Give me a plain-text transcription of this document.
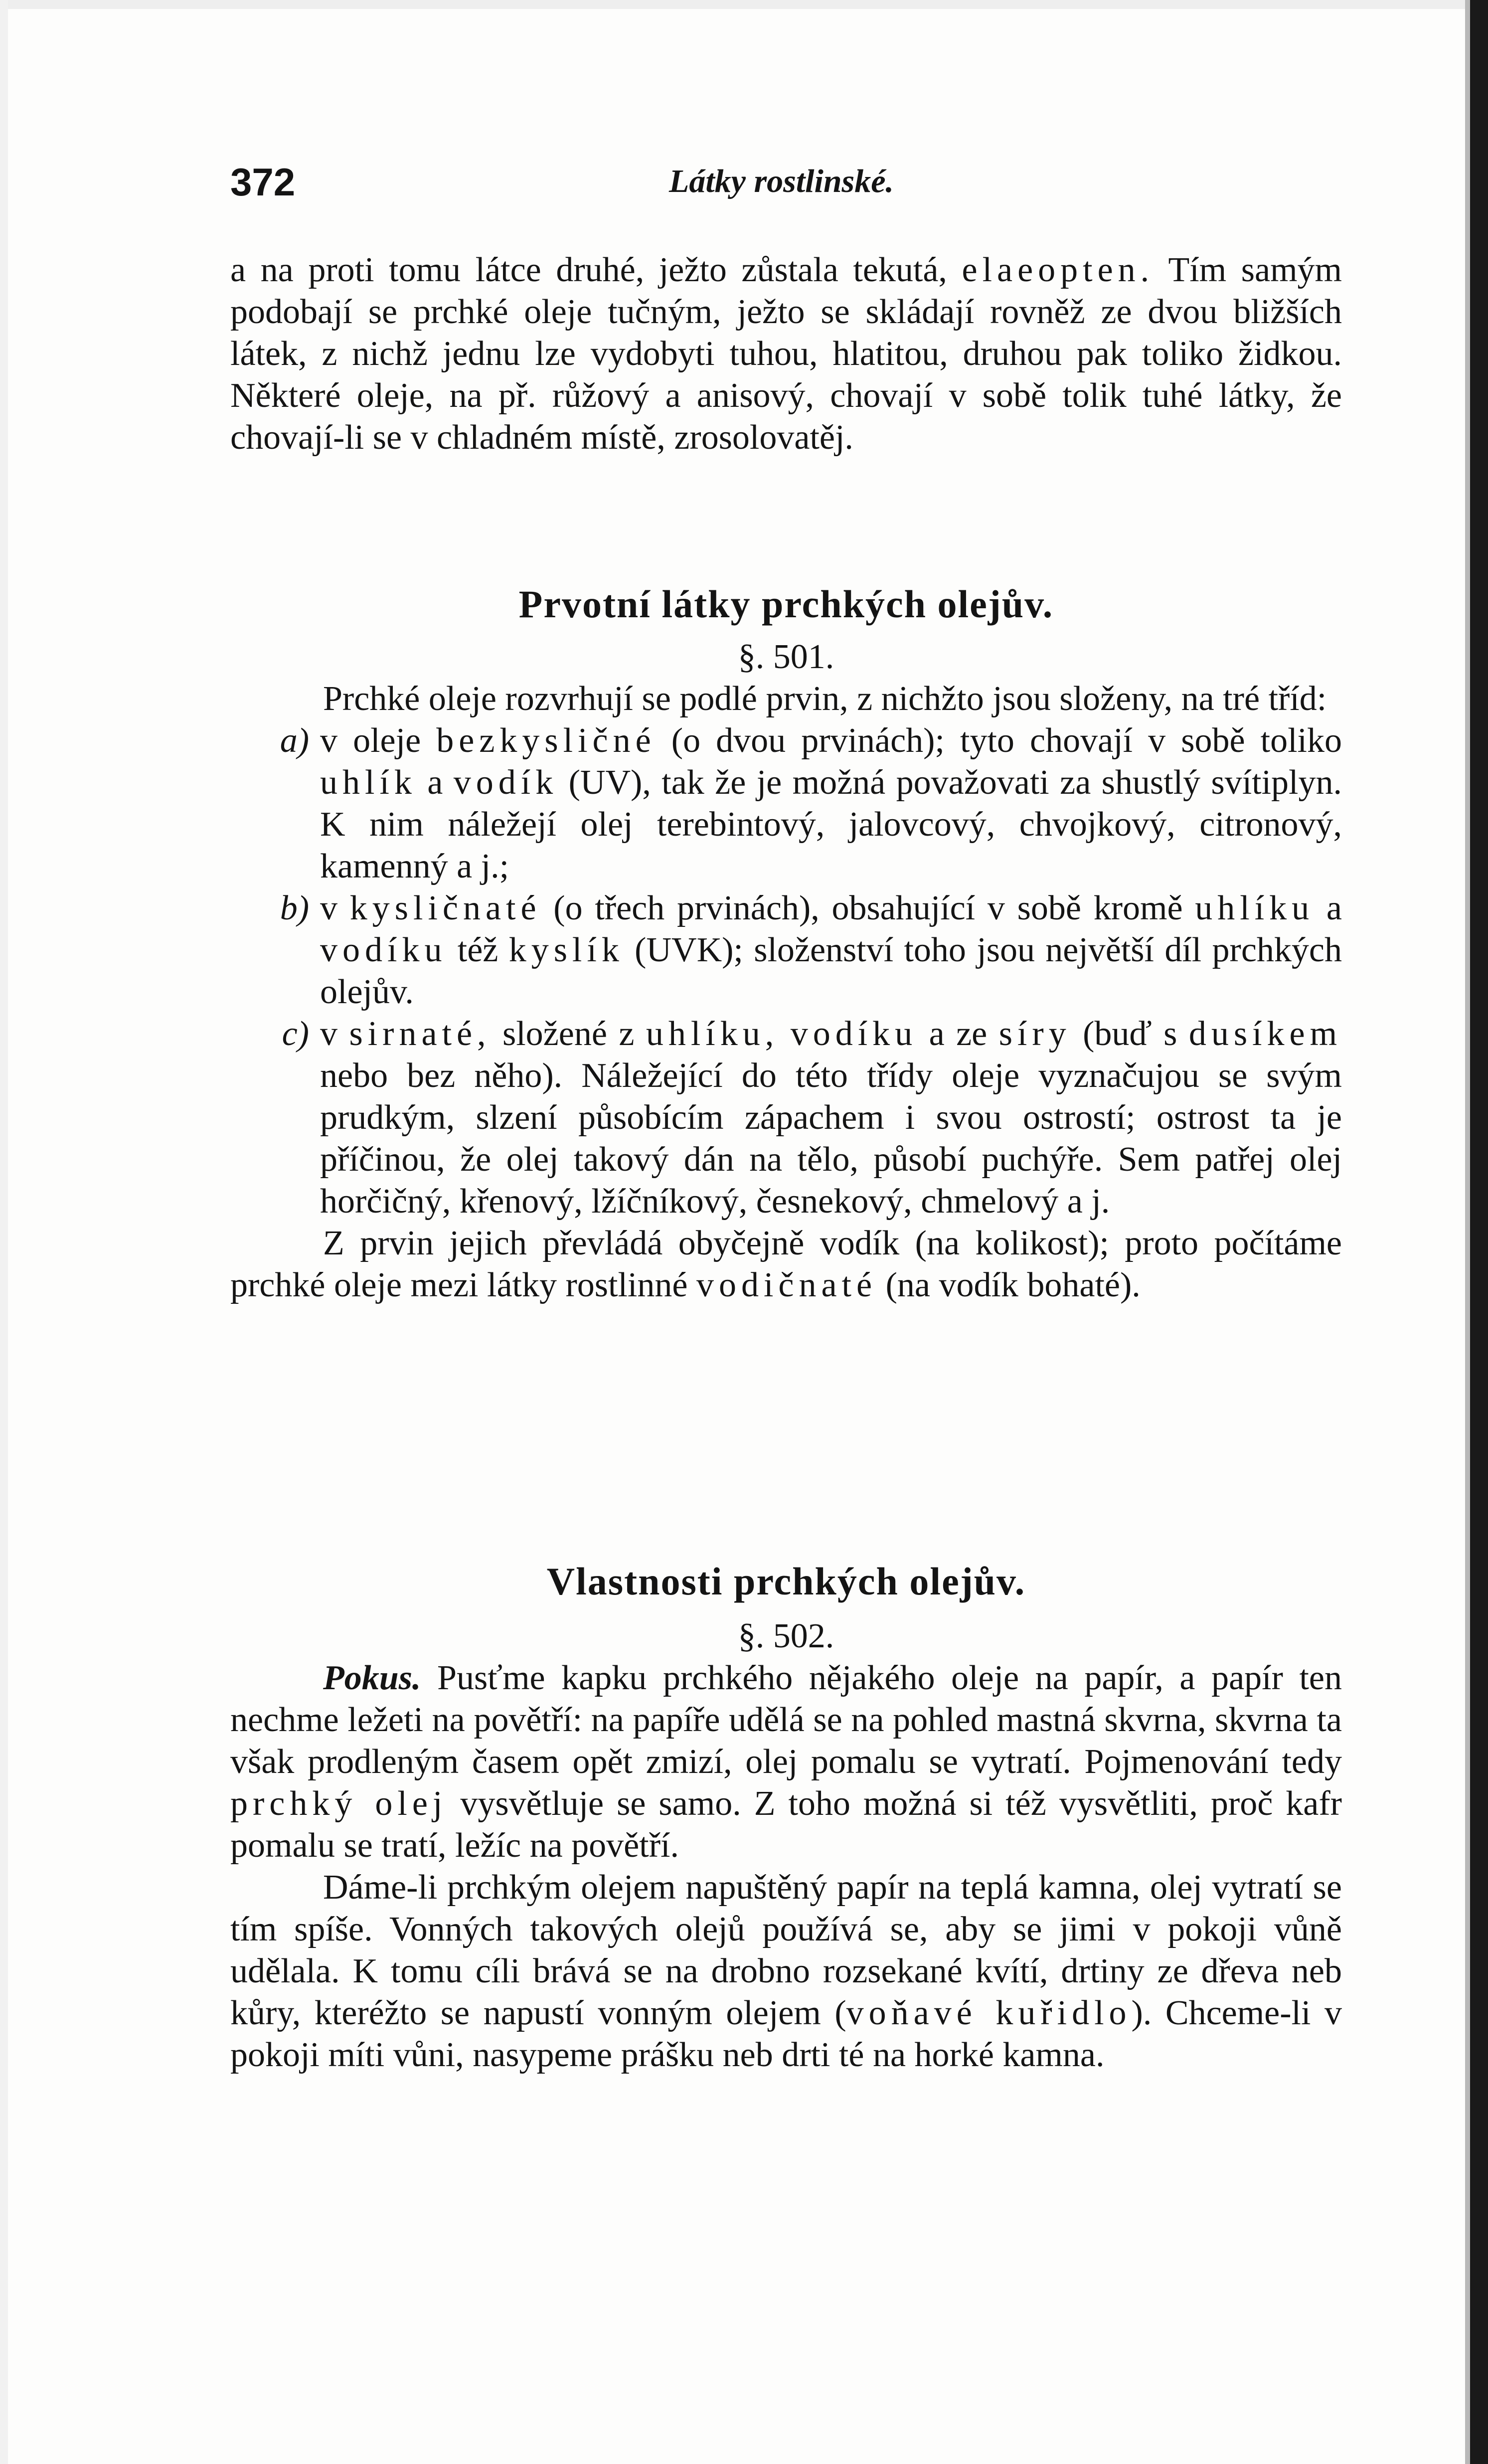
372	Látky rostlinské.

a na proti tomu látce druhé, ježto zůstala tekutá, elaeopten. Tím samým podobají se prchké oleje tučným, ježto se skládají rovněž ze dvou bližších látek, z nichž jednu lze vydobyti tuhou, hlatitou, druhou pak toliko židkou. Některé oleje, na př. růžový a anisový, chovají v sobě tolik tuhé látky, že chovají-li se v chladném místě, zrosolovatěj.

Prvotní látky prchkých olejův.

§. 501.

Prchké oleje rozvrhují se podlé prvin, z nichžto jsou složeny, na tré tříd:

a) v oleje bezkysličné (o dvou prvinách); tyto chovají v sobě toliko uhlík a vodík (UV), tak že je možná považovati za shustlý svítiplyn. K nim náležejí olej terebintový, jalovcový, chvojkový, citronový, kamenný a j.;
b) v kysličnaté (o třech prvinách), obsahující v sobě kromě uhlíku a vodíku též kyslík (UVK); složenství toho jsou největší díl prchkých olejův.
c) v sirnaté, složené z uhlíku, vodíku a ze síry (buď s dusíkem nebo bez něho). Náležející do této třídy oleje vyznačujou se svým prudkým, slzení působícím zápachem i svou ostrostí; ostrost ta je příčinou, že olej takový dán na tělo, působí puchýře. Sem patřej olej horčičný, křenový, lžíčníkový, česnekový, chmelový a j.

Z prvin jejich převládá obyčejně vodík (na kolikost); proto počítáme prchké oleje mezi látky rostlinné vodičnaté (na vodík bohaté).

Vlastnosti prchkých olejův.

§. 502.

Pokus. Pusťme kapku prchkého nějakého oleje na papír, a papír ten nechme ležeti na povětří: na papíře udělá se na pohled mastná skvrna, skvrna ta však prodleným časem opět zmizí, olej pomalu se vytratí. Pojmenování tedy prchký olej vysvětluje se samo. Z toho možná si též vysvětliti, proč kafr pomalu se tratí, ležíc na povětří.

Dáme-li prchkým olejem napuštěný papír na teplá kamna, olej vytratí se tím spíše. Vonných takových olejů používá se, aby se jimi v pokoji vůně udělala. K tomu cíli brává se na drobno rozsekané kvítí, drtiny ze dřeva neb kůry, kteréžto se napustí vonným olejem (voňavé kuřidlo). Chceme-li v pokoji míti vůni, nasypeme prášku neb drti té na horké kamna.
